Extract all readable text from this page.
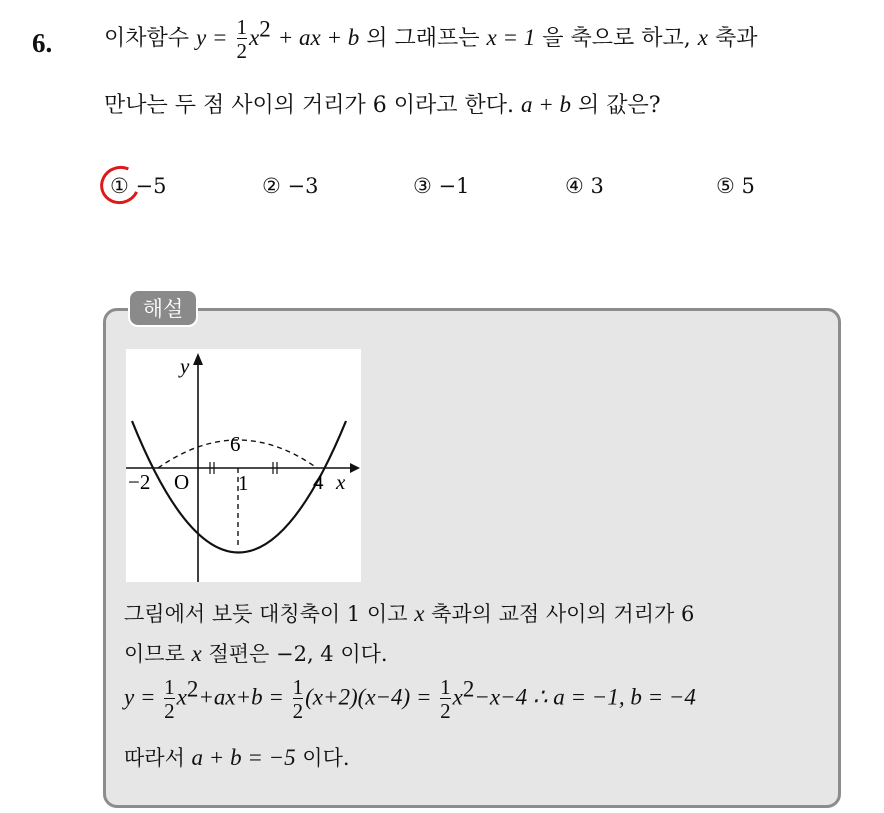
6. 이차함수 $y = \frac{1}{2} x^2$ + ax + b 의 그래프는 x = 1 을 축으로 하고, x 축과
만나는 두 점 사이의 거리가 6 이라고 한다. a + b 의 값은?
① −5	② −3	③ −1	④ 3	⑤ 5
해설
y
x
O
−2	4
1
6
그림에서 보듯 대칭축이 1 이고 x 축과의 교점 사이의 거리가 6
이므로 x 절편은 −2, 4 이다.
$y = \frac{1}{2} x^2+ax+b = \frac{1}{2} (x+2)(x-4) = \frac{1}{2} x^2-x-4$ ∴ a = −1, b = −4
따라서 a + b = −5 이다.
